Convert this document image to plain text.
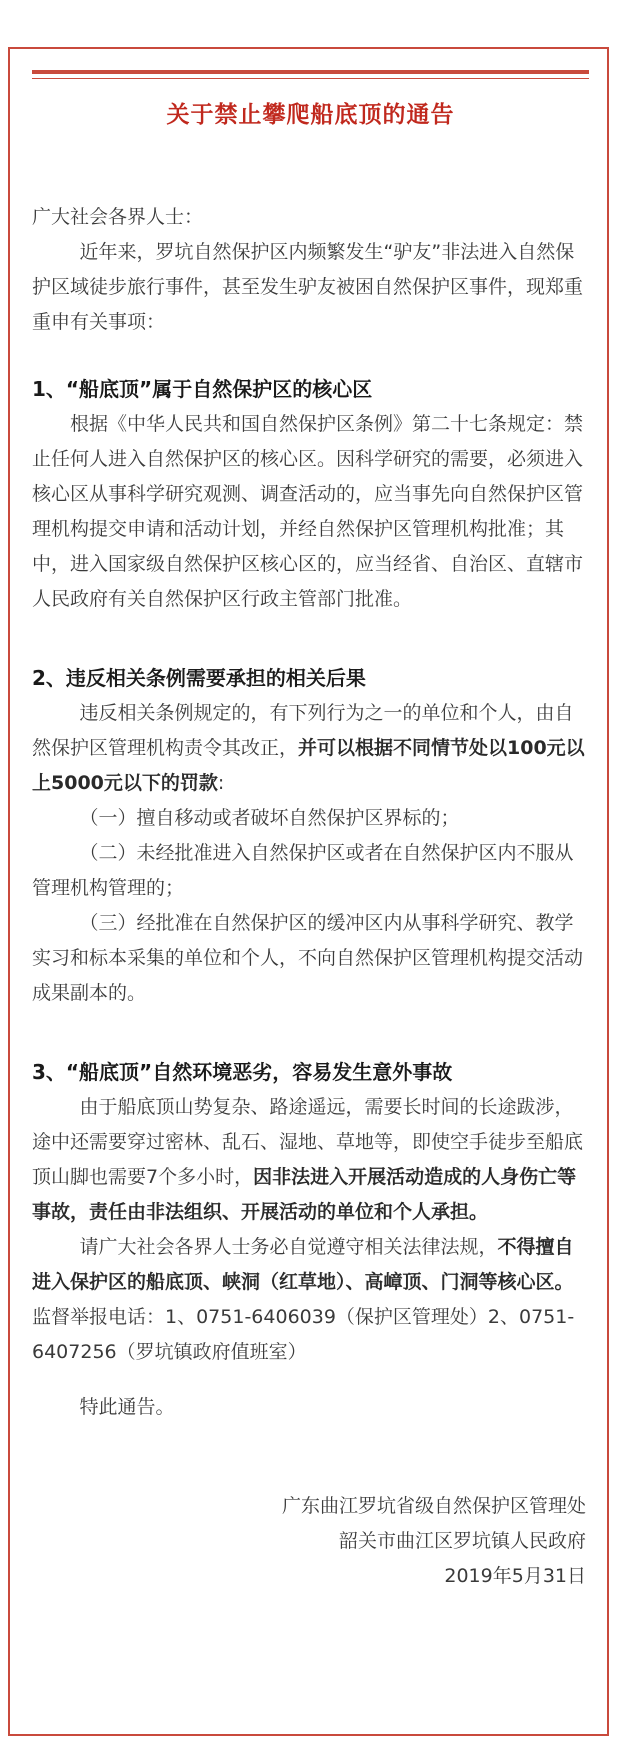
关于禁止攀爬船底顶的通告

广大社会各界人士：

近年来，罗坑自然保护区内频繁发生“驴友”非法进入自然保护区域徒步旅行事件，甚至发生驴友被困自然保护区事件，现郑重重申有关事项：

1、“船底顶”属于自然保护区的核心区

根据《中华人民共和国自然保护区条例》第二十七条规定：禁止任何人进入自然保护区的核心区。因科学研究的需要，必须进入核心区从事科学研究观测、调查活动的，应当事先向自然保护区管理机构提交申请和活动计划，并经自然保护区管理机构批准；其中，进入国家级自然保护区核心区的，应当经省、自治区、直辖市人民政府有关自然保护区行政主管部门批准。

2、违反相关条例需要承担的相关后果

违反相关条例规定的，有下列行为之一的单位和个人，由自然保护区管理机构责令其改正，并可以根据不同情节处以100元以上5000元以下的罚款:

（一）擅自移动或者破坏自然保护区界标的；

（二）未经批准进入自然保护区或者在自然保护区内不服从管理机构管理的；

（三）经批准在自然保护区的缓冲区内从事科学研究、教学实习和标本采集的单位和个人，不向自然保护区管理机构提交活动成果副本的。

3、“船底顶”自然环境恶劣，容易发生意外事故

由于船底顶山势复杂、路途遥远，需要长时间的长途跋涉，途中还需要穿过密林、乱石、湿地、草地等，即使空手徒步至船底顶山脚也需要7个多小时，因非法进入开展活动造成的人身伤亡等事故，责任由非法组织、开展活动的单位和个人承担。

请广大社会各界人士务必自觉遵守相关法律法规，不得擅自进入保护区的船底顶、峡洞（红草地）、高嶂顶、门洞等核心区。监督举报电话：1、0751-6406039（保护区管理处）2、0751-6407256（罗坑镇政府值班室）

特此通告。

广东曲江罗坑省级自然保护区管理处

韶关市曲江区罗坑镇人民政府

2019年5月31日
